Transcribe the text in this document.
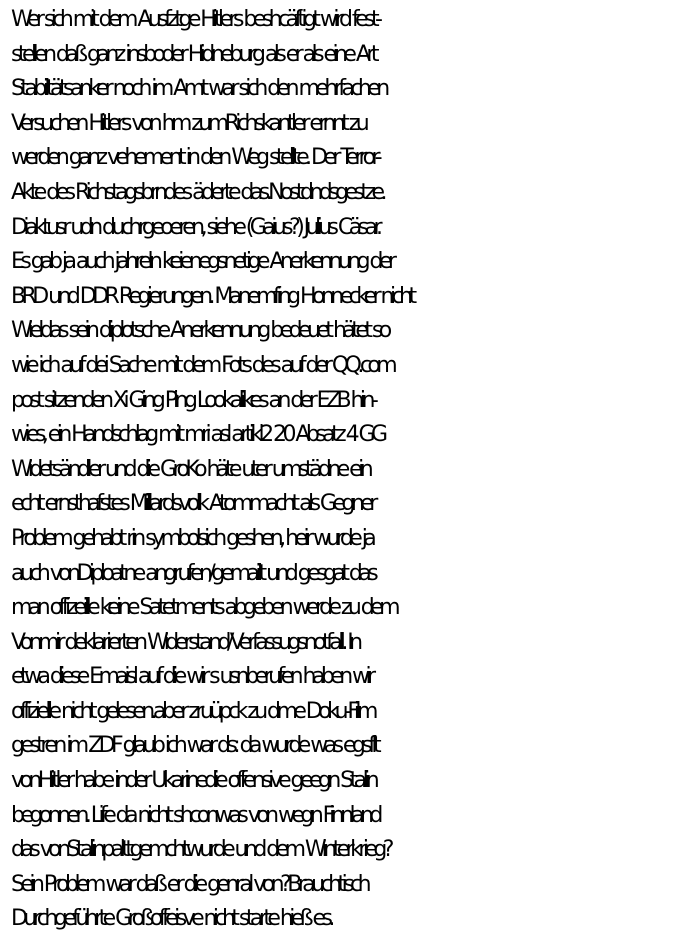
Wer sich mit dem Ausfztge Hitlers beshcäftigt wird fest-
stellen daß ganz insboder Hidneburg als er als eine Art
Stabiltätsanker noch im Amt war sich den mehrfachen
Versuchen Hitlers von hm zumRichskantler ernnt zu
werden ganz vehement in den Weg stellte. Der Terror-
Akte des Richstagsbrndes äderte das.Nostdndsgestze.
Diaktusr udn duchrgeoeren, siehe (Gaius?) Julius Cäsar.
Es gab ja auch jahreln keienegsnetige Anerkennung der
BRD und DDR Regierungen. Manemfing Honnecker nicht
Wieldas sein diplotsche Anerkennung bedeuet hätet so
wie ich auf dei Sache mit dem Fots des auf der QQ.com
post sitzenden Xi Ging Ping Lookalikes an der EZB hin-
wies, ein Handschlag mit mri asl artikl2 20 Absatz 4 GG
Widetsändler und die GroKo häte uter umstädne ein
echt ernsthafstes Millardsvolk Atommacht als Gegner
Problem gehabt rin symbolsich geshen, heir wurde ja
auch vonDiploatne angrufen/gemailt und gesgat das
man offizeille keine Satetments abgeben werde zu dem
Vonmir deklarierten Widerstand/Verfassugsnotfall. In
etwa diese Emaisl auf die wir s usnberufen haben wir
offizielle nicht gelesen.aber zruüpck zu dme Doku-Film
gestren im ZDF glaub ich war ds: da wurde was egsflt
vonHitler habe inder Ukarinedie offensive geegn Stalin
begonnen. Life da nicht shconwas von wegn Finnland
das vonStalinpalttgemchtwurde und dem Winterkrieg?
Sein Problem war daß er die genral von?Brauchtisch
Durchgeführte Großoffeisve nicht starte hieß es.
